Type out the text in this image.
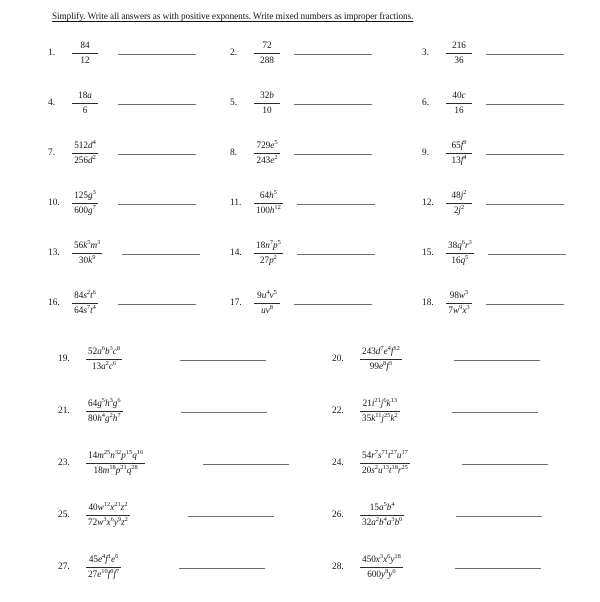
Simplify. Write all answers as with positive exponents. Write mixed numbers as improper fractions.
1.	$\frac{84}{12}$	2.	$\frac{72}{288}$	3.	$\frac{216}{36}$
4.	$\frac{18a}{6}$	5.	$\frac{32b}{10}$	6.	$\frac{40c}{16}$
7.	$\frac{512d^4}{256d^2}$	8.	$\frac{729e^5}{243e^2}$	9.	$\frac{65f^9}{13f^4}$
10.	$\frac{125g^3}{600g^7}$	11.	$\frac{64h^5}{100h^{12}}$	12.	$\frac{48j^2}{2j^2}$
13.	$\frac{56k^5m^3}{30k^9}$	14.	$\frac{18n^7p^5}{27p^2}$	15.	$\frac{38q^6r^3}{16q^5}$
16.	$\frac{84s^2t^6}{64s^7t^4}$	17.	$\frac{9u^4v^5}{uv^8}$	18.	$\frac{98w^5}{7w^9x^3}$
19.	$\frac{52a^6b^3c^8}{13a^2c^6}$	20.	$\frac{243d^7e^4f^{12}}{99e^8f^3}$
21.	$\frac{64g^5h^3g^6}{80h^4g^2h^7}$	22.	$\frac{21i^{21}j^6k^{13}}{35k^{11}j^{25}k^2}$
23.	$\frac{14m^{25}n^{32}p^{15}q^{16}}{18m^{18}p^{21}q^{28}}$	24.	$\frac{54r^7s^{71}t^{27}u^{17}}{20s^2u^{13}t^{18}r^{25}}$
25.	$\frac{40w^{12}x^{21}z^2}{72w^3x^6y^9z^2}$	26.	$\frac{15a^5b^4}{32a^2b^4a^3b^0}$
27.	$\frac{45e^4f^1e^6}{27e^{10}f^0f^7}$	28.	$\frac{450x^3x^6y^{18}}{600y^8y^6}$
